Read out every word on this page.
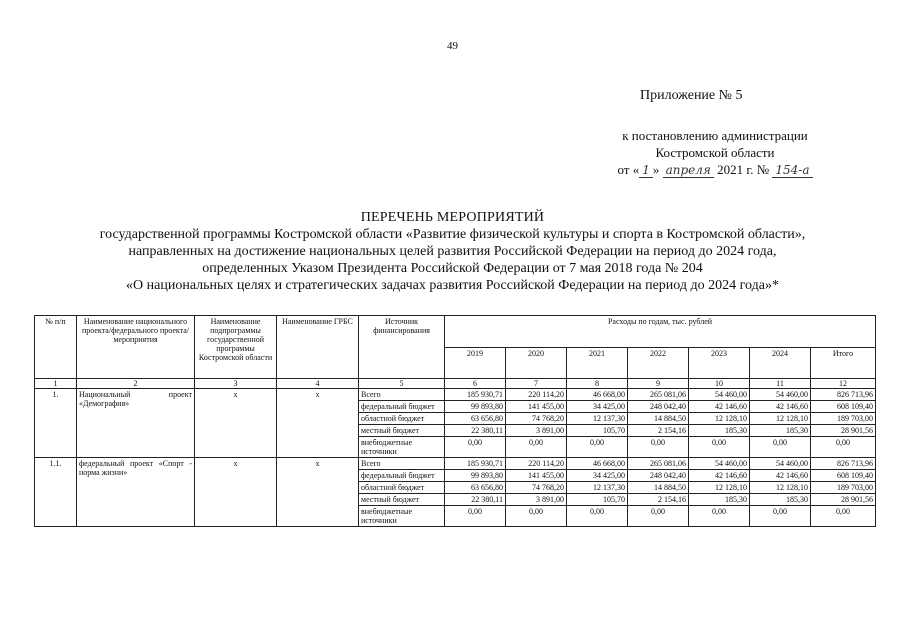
49
Приложение № 5
к постановлению администрации
Костромской области
от « 1 » апреля 2021 г. № 154-а
ПЕРЕЧЕНЬ МЕРОПРИЯТИЙ
государственной программы Костромской области «Развитие физической культуры и спорта в Костромской области»,
направленных на достижение национальных целей развития Российской Федерации на период до 2024 года,
определенных Указом Президента Российской Федерации от 7 мая 2018 года № 204
«О национальных целях и стратегических задачах развития Российской Федерации на период до 2024 года»*
№ п/п	Наименование национального проекта/федерального проекта/мероприятия	Наименование подпрограммы государственной программы Костромской области	Наименование ГРБС	Источник финансирования	Расходы по годам, тыс. рублей						
					2019	2020	2021	2022	2023	2024	Итого
1	2	3	4	5	6	7	8	9	10	11	12
1.	Национальный проект «Демография»	х	х	Всего	185 930,71	220 114,20	46 668,00	265 081,06	54 460,00	54 460,00	826 713,96
				федеральный бюджет	99 893,80	141 455,00	34 425,00	248 042,40	42 146,60	42 146,60	608 109,40
				областной бюджет	63 656,80	74 768,20	12 137,30	14 884,50	12 128,10	12 128,10	189 703,00
				местный бюджет	22 380,11	3 891,00	105,70	2 154,16	185,30	185,30	28 901,56
				внебюджетные источники	0,00	0,00	0,00	0,00	0,00	0,00	0,00
1.1.	федеральный проект «Спорт - норма жизни»	х	х	Всего	185 930,71	220 114,20	46 668,00	265 081,06	54 460,00	54 460,00	826 713,96
				федеральный бюджет	99 893,80	141 455,00	34 425,00	248 042,40	42 146,60	42 146,60	608 109,40
				областной бюджет	63 656,80	74 768,20	12 137,30	14 884,50	12 128,10	12 128,10	189 703,00
				местный бюджет	22 380,11	3 891,00	105,70	2 154,16	185,30	185,30	28 901,56
				внебюджетные источники	0,00	0,00	0,00	0,00	0,00	0,00	0,00
